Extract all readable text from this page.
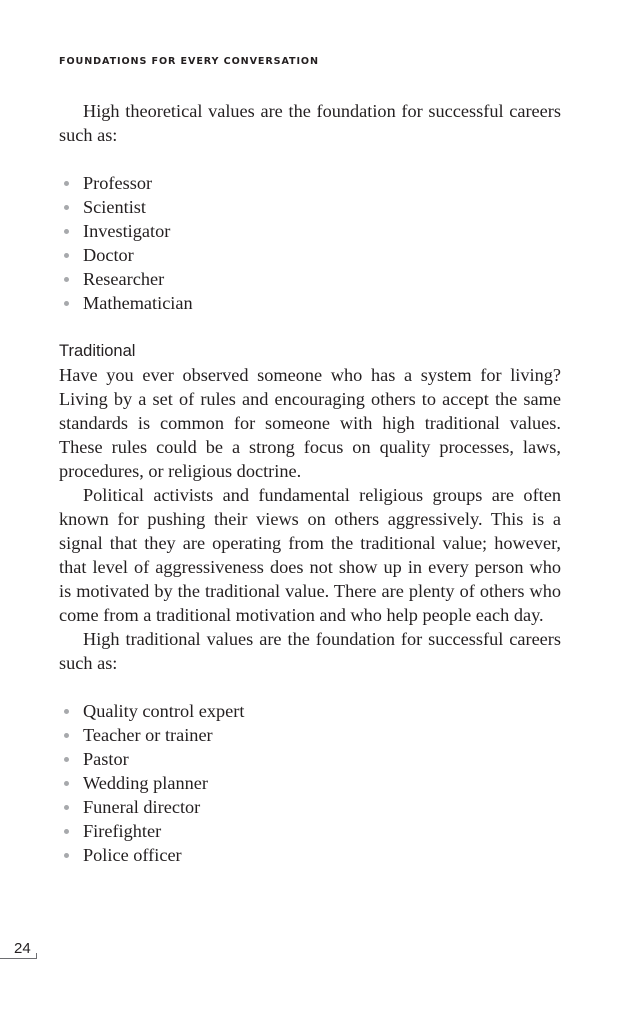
FOUNDATIONS FOR EVERY CONVERSATION

High theoretical values are the foundation for successful careers such as:

Professor
Scientist
Investigator
Doctor
Researcher
Mathematician
Traditional

Have you ever observed someone who has a system for living? Living by a set of rules and encouraging others to accept the same standards is common for someone with high traditional values. These rules could be a strong focus on quality processes, laws, procedures, or religious doctrine.

Political activists and fundamental religious groups are often known for pushing their views on others aggressively. This is a signal that they are operating from the traditional value; however, that level of aggressiveness does not show up in every person who is motivated by the traditional value. There are plenty of others who come from a traditional motivation and who help people each day.

High traditional values are the foundation for successful careers such as:

Quality control expert
Teacher or trainer
Pastor
Wedding planner
Funeral director
Firefighter
Police officer
24
